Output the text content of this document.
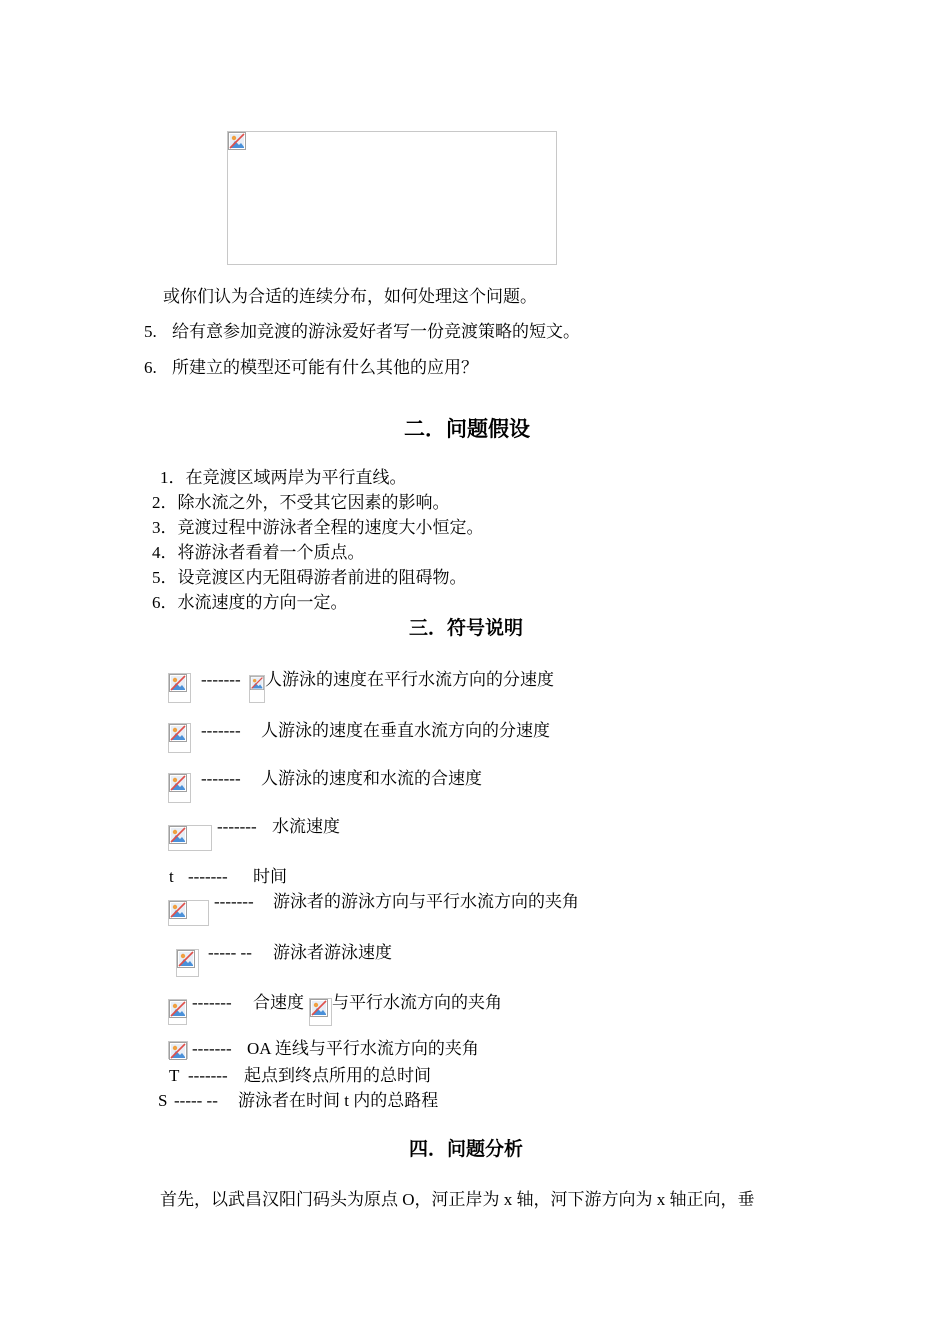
或你们认为合适的连续分布，如何处理这个问题。
5. 给有意参加竞渡的游泳爱好者写一份竞渡策略的短文。
6. 所建立的模型还可能有什么其他的应用？
二．问题假设
1．在竞渡区域两岸为平行直线。
2．除水流之外，不受其它因素的影响。
3．竞渡过程中游泳者全程的速度大小恒定。
4．将游泳者看着一个质点。
5．设竞渡区内无阻碍游者前进的阻碍物。
6．水流速度的方向一定。
三．符号说明
------- 人游泳的速度在平行水流方向的分速度
------- 人游泳的速度在垂直水流方向的分速度
------- 人游泳的速度和水流的合速度
------- 水流速度
t ------- 时间
------- 游泳者的游泳方向与平行水流方向的夹角
----- -- 游泳者游泳速度
------- 合速度 与平行水流方向的夹角
------- OA 连线与平行水流方向的夹角
T ------- 起点到终点所用的总时间
S ----- -- 游泳者在时间 t 内的总路程
四．问题分析
首先，以武昌汉阳门码头为原点 O，河正岸为 x 轴，河下游方向为 x 轴正向，垂
